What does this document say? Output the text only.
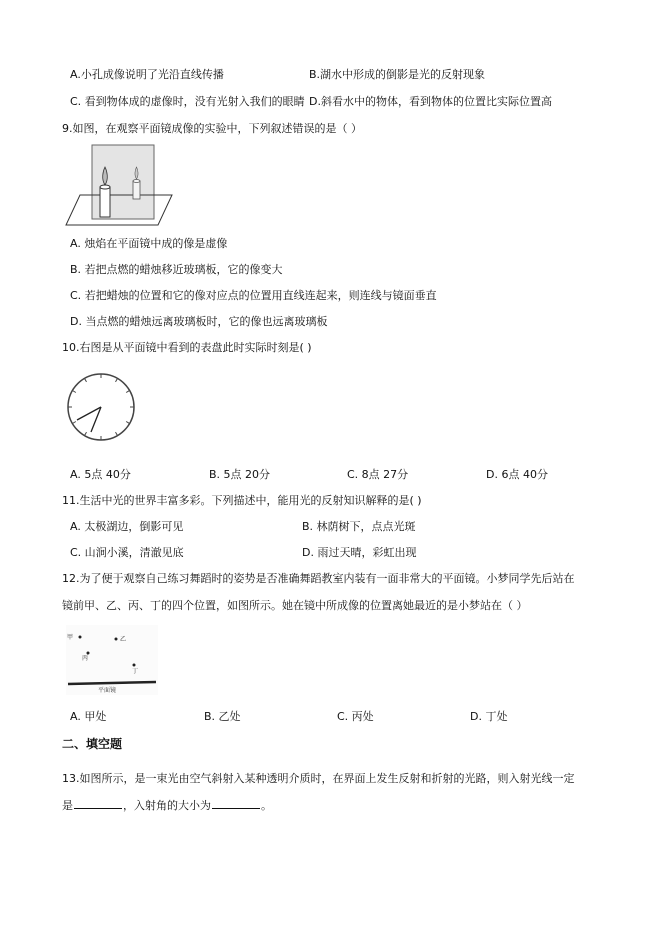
A.小孔成像说明了光沿直线传播	B.湖水中形成的倒影是光的反射现象
C. 看到物体成的虚像时，没有光射入我们的眼睛 D.斜看水中的物体，看到物体的位置比实际位置高
9.如图，在观察平面镜成像的实验中，下列叙述错误的是（ ）
A. 烛焰在平面镜中成的像是虚像
B. 若把点燃的蜡烛移近玻璃板，它的像变大
C. 若把蜡烛的位置和它的像对应点的位置用直线连起来，则连线与镜面垂直
D. 当点燃的蜡烛远离玻璃板时，它的像也远离玻璃板
10.右图是从平面镜中看到的表盘此时实际时刻是( )
A. 5点 40分	B. 5点 20分	C. 8点 27分	D. 6点 40分
11.生活中光的世界丰富多彩。下列描述中，能用光的反射知识解释的是( )
A. 太极湖边，倒影可见	B. 林荫树下，点点光斑
C. 山涧小溪，清澈见底	D. 雨过天晴，彩虹出现
12.为了便于观察自己练习舞蹈时的姿势是否准确舞蹈教室内装有一面非常大的平面镜。小梦同学先后站在
镜前甲、乙、丙、丁的四个位置，如图所示。她在镜中所成像的位置离她最近的是小梦站在（ ）
甲	乙
丙
丁
平面镜
A. 甲处	B. 乙处	C. 丙处	D. 丁处
二、填空题
13.如图所示，是一束光由空气斜射入某种透明介质时，在界面上发生反射和折射的光路，则入射光线一定
是	，入射角的大小为	。
